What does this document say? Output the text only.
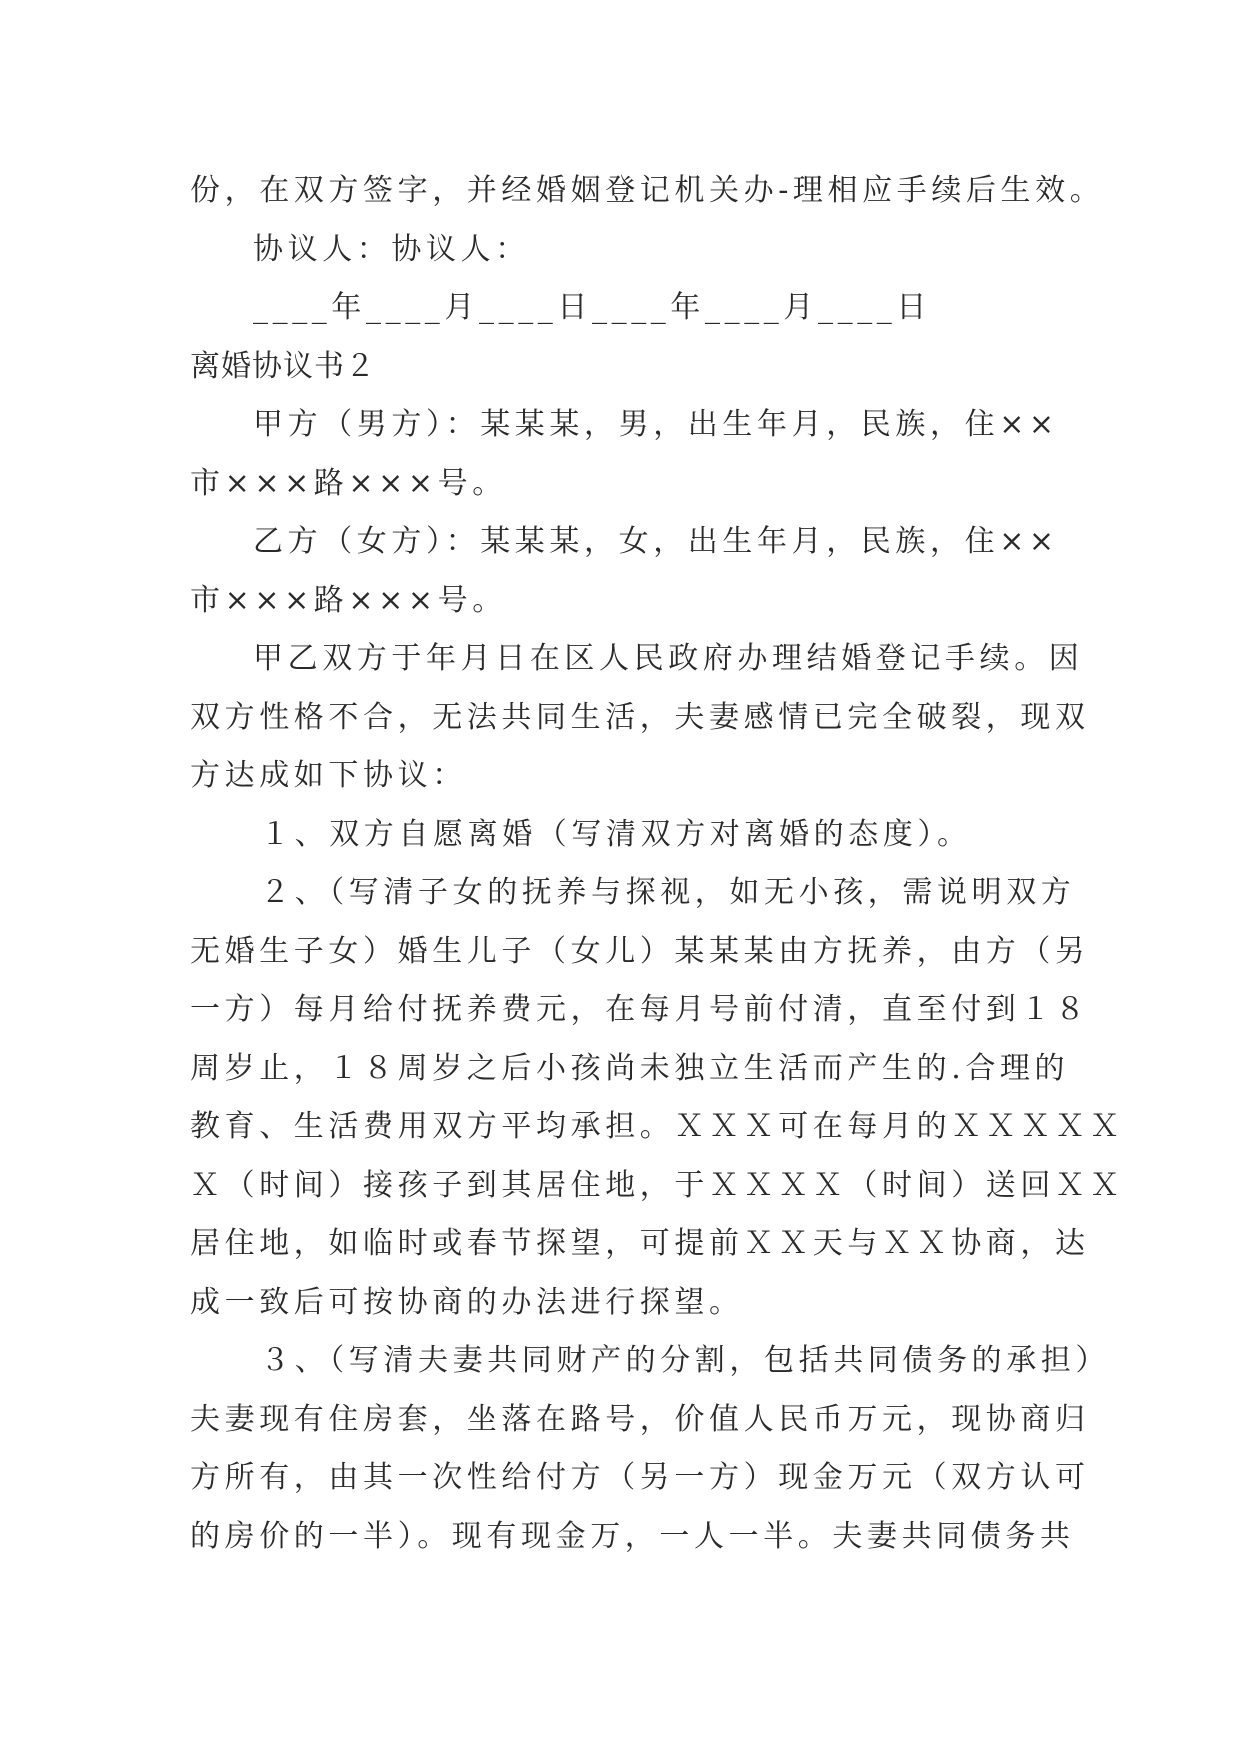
份，在双方签字，并经婚姻登记机关办-理相应手续后生效。
协议人：协议人：
____年____月____日____年____月____日
离婚协议书２
甲方（男方）：某某某，男，出生年月，民族，住××
市×××路×××号。
乙方（女方）：某某某，女，出生年月，民族，住××
市×××路×××号。
甲乙双方于年月日在区人民政府办理结婚登记手续。因
双方性格不合，无法共同生活，夫妻感情已完全破裂，现双
方达成如下协议：
１、双方自愿离婚（写清双方对离婚的态度）。
２、（写清子女的抚养与探视，如无小孩，需说明双方
无婚生子女）婚生儿子（女儿）某某某由方抚养，由方（另
一方）每月给付抚养费元，在每月号前付清，直至付到１８
周岁止，１８周岁之后小孩尚未独立生活而产生的.合理的
教育、生活费用双方平均承担。ＸＸＸ可在每月的ＸＸＸＸＸ
Ｘ（时间）接孩子到其居住地，于ＸＸＸＸ（时间）送回ＸＸ
居住地，如临时或春节探望，可提前ＸＸ天与ＸＸ协商，达
成一致后可按协商的办法进行探望。
３、（写清夫妻共同财产的分割，包括共同债务的承担）
夫妻现有住房套，坐落在路号，价值人民币万元，现协商归
方所有，由其一次性给付方（另一方）现金万元（双方认可
的房价的一半）。现有现金万，一人一半。夫妻共同债务共
